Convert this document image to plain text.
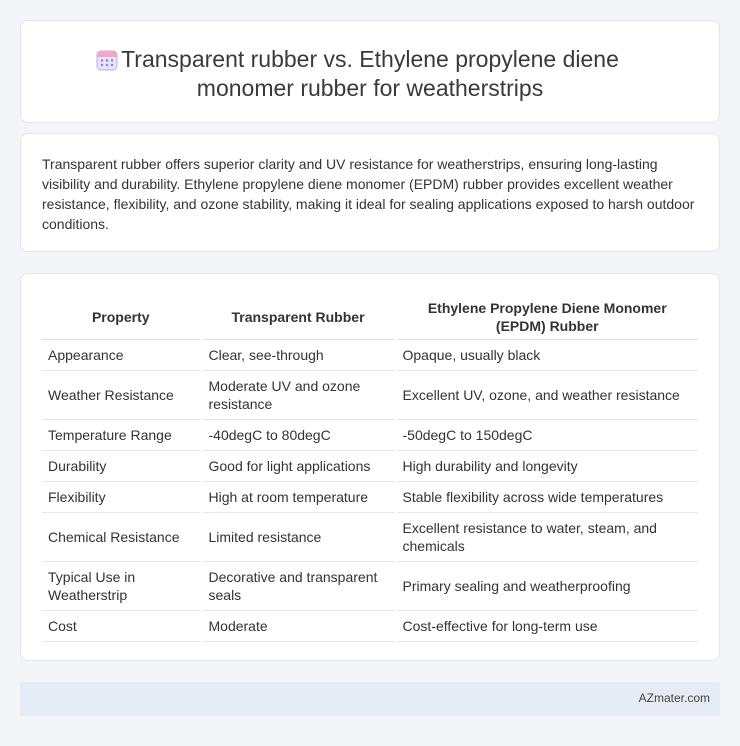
Transparent rubber vs. Ethylene propylene diene
monomer rubber for weatherstrips

Transparent rubber offers superior clarity and UV resistance for weatherstrips, ensuring long-lasting visibility and durability. Ethylene propylene diene monomer (EPDM) rubber provides excellent weather resistance, flexibility, and ozone stability, making it ideal for sealing applications exposed to harsh outdoor conditions.

Property	Transparent Rubber	Ethylene Propylene Diene Monomer (EPDM) Rubber
Appearance	Clear, see-through	Opaque, usually black
Weather Resistance	Moderate UV and ozone resistance	Excellent UV, ozone, and weather resistance
Temperature Range	-40degC to 80degC	-50degC to 150degC
Durability	Good for light applications	High durability and longevity
Flexibility	High at room temperature	Stable flexibility across wide temperatures
Chemical Resistance	Limited resistance	Excellent resistance to water, steam, and chemicals
Typical Use in Weatherstrip	Decorative and transparent seals	Primary sealing and weatherproofing
Cost	Moderate	Cost-effective for long-term use
AZmater.com
